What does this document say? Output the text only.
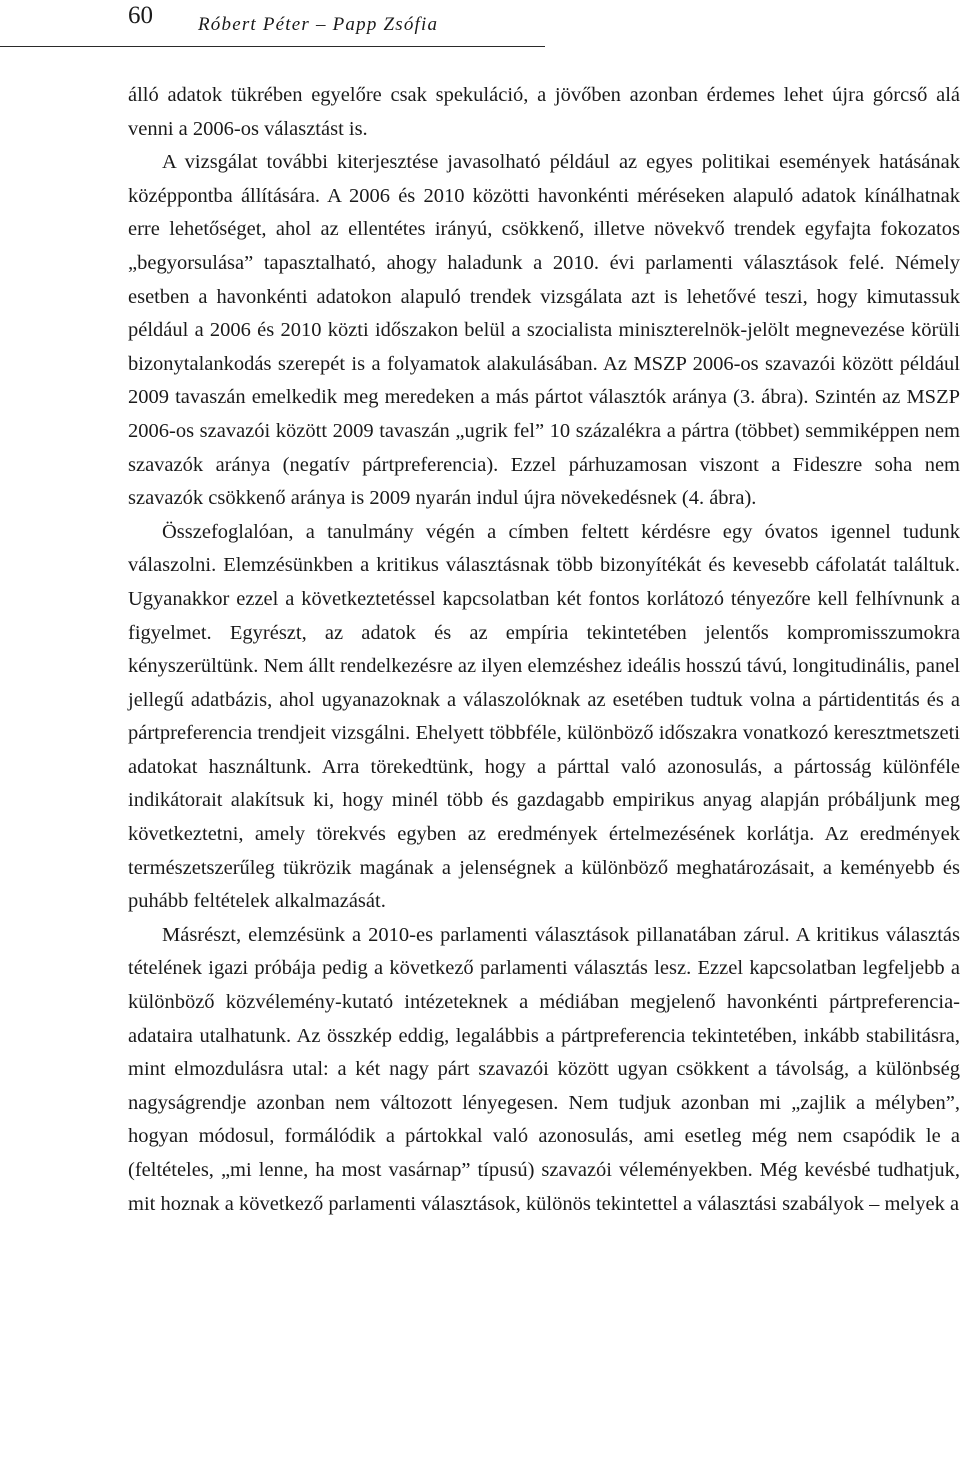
60 Róbert Péter – Papp Zsófia

álló adatok tükrében egyelőre csak spekuláció, a jövőben azonban érdemes lehet újra górcső alá venni a 2006-os választást is.

A vizsgálat további kiterjesztése javasolható például az egyes politikai események hatásának középpontba állítására. A 2006 és 2010 közötti havonkénti méréseken alapuló adatok kínálhatnak erre lehetőséget, ahol az ellentétes irányú, csökkenő, illetve növekvő trendek egyfajta fokozatos „begyorsulása” tapasztalható, ahogy haladunk a 2010. évi parlamenti választások felé. Némely esetben a havonkénti adatokon alapuló trendek vizsgálata azt is lehetővé teszi, hogy kimutassuk például a 2006 és 2010 közti időszakon belül a szocialista miniszterelnök-jelölt megnevezése körüli bizonytalankodás szerepét is a folyamatok alakulásában. Az MSZP 2006-os szavazói között például 2009 tavaszán emelkedik meg meredeken a más pártot választók aránya (3. ábra). Szintén az MSZP 2006-os szavazói között 2009 tavaszán „ugrik fel” 10 százalékra a pártra (többet) semmiképpen nem szavazók aránya (negatív pártpreferencia). Ezzel párhuzamosan viszont a Fideszre soha nem szavazók csökkenő aránya is 2009 nyarán indul újra növekedésnek (4. ábra).

Összefoglalóan, a tanulmány végén a címben feltett kérdésre egy óvatos igennel tudunk válaszolni. Elemzésünkben a kritikus választásnak több bizonyítékát és kevesebb cáfolatát találtuk. Ugyanakkor ezzel a következtetéssel kapcsolatban két fontos korlátozó tényezőre kell felhívnunk a figyelmet. Egyrészt, az adatok és az empíria tekintetében jelentős kompromisszumokra kényszerültünk. Nem állt rendelkezésre az ilyen elemzéshez ideális hosszú távú, longitudinális, panel jellegű adatbázis, ahol ugyanazoknak a válaszolóknak az esetében tudtuk volna a pártidentitás és a pártpreferencia trendjeit vizsgálni. Ehelyett többféle, különböző időszakra vonatkozó keresztmetszeti adatokat használtunk. Arra törekedtünk, hogy a párttal való azonosulás, a pártosság különféle indikátorait alakítsuk ki, hogy minél több és gazdagabb empirikus anyag alapján próbáljunk meg következtetni, amely törekvés egyben az eredmények értelmezésének korlátja. Az eredmények természetszerűleg tükrözik magának a jelenségnek a különböző meghatározásait, a keményebb és puhább feltételek alkalmazását.

Másrészt, elemzésünk a 2010-es parlamenti választások pillanatában zárul. A kritikus választás tételének igazi próbája pedig a következő parlamenti választás lesz. Ezzel kapcsolatban legfeljebb a különböző közvélemény-kutató intézeteknek a médiában megjelenő havonkénti pártpreferencia-adataira utalhatunk. Az összkép eddig, legalábbis a pártpreferencia tekintetében, inkább stabilitásra, mint elmozdulásra utal: a két nagy párt szavazói között ugyan csökkent a távolság, a különbség nagyságrendje azonban nem változott lényegesen. Nem tudjuk azonban mi „zajlik a mélyben”, hogyan módosul, formálódik a pártokkal való azonosulás, ami esetleg még nem csapódik le a (feltételes, „mi lenne, ha most vasárnap” típusú) szavazói véleményekben. Még kevésbé tudhatjuk, mit hoznak a következő parlamenti választások, különös tekintettel a választási szabályok – melyek a
